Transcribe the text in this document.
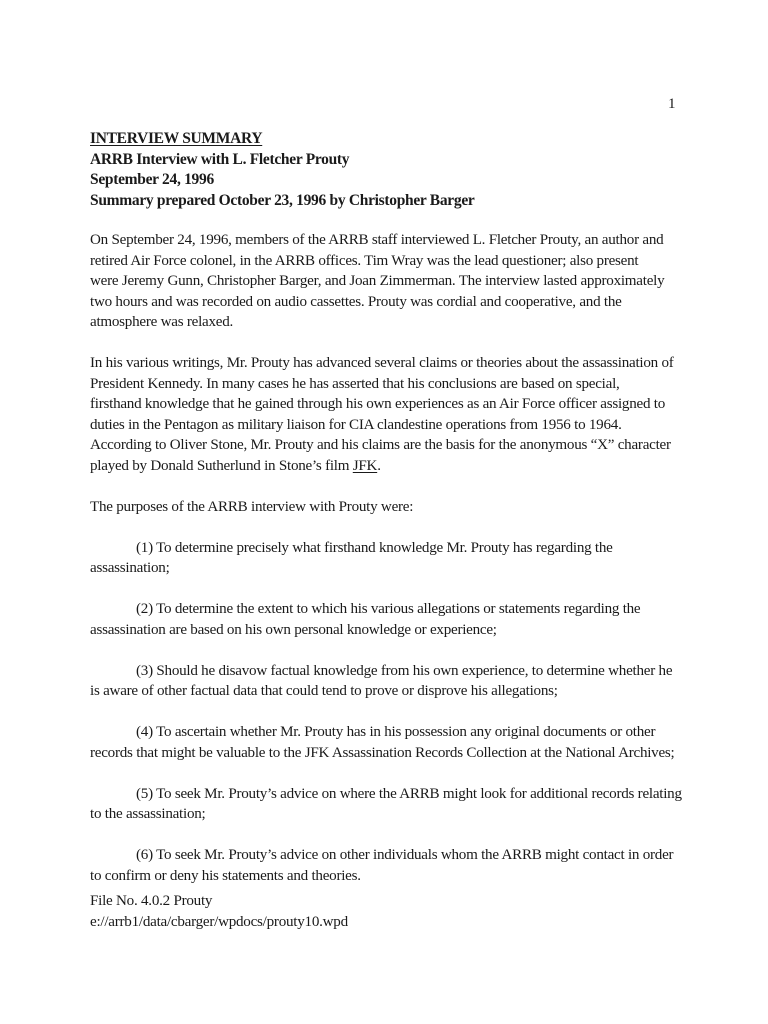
1
INTERVIEW SUMMARY
ARRB Interview with L. Fletcher Prouty
September 24, 1996
Summary prepared October 23, 1996 by Christopher Barger

On September 24, 1996, members of the ARRB staff interviewed L. Fletcher Prouty, an author and
retired Air Force colonel, in the ARRB offices. Tim Wray was the lead questioner; also present
were Jeremy Gunn, Christopher Barger, and Joan Zimmerman. The interview lasted approximately
two hours and was recorded on audio cassettes. Prouty was cordial and cooperative, and the
atmosphere was relaxed.

In his various writings, Mr. Prouty has advanced several claims or theories about the assassination of
President Kennedy. In many cases he has asserted that his conclusions are based on special,
firsthand knowledge that he gained through his own experiences as an Air Force officer assigned to
duties in the Pentagon as military liaison for CIA clandestine operations from 1956 to 1964.
According to Oliver Stone, Mr. Prouty and his claims are the basis for the anonymous “X” character
played by Donald Sutherlund in Stone’s film JFK.

The purposes of the ARRB interview with Prouty were:

(1) To determine precisely what firsthand knowledge Mr. Prouty has regarding the
assassination;

(2) To determine the extent to which his various allegations or statements regarding the
assassination are based on his own personal knowledge or experience;

(3) Should he disavow factual knowledge from his own experience, to determine whether he
is aware of other factual data that could tend to prove or disprove his allegations;

(4) To ascertain whether Mr. Prouty has in his possession any original documents or other
records that might be valuable to the JFK Assassination Records Collection at the National Archives;

(5) To seek Mr. Prouty’s advice on where the ARRB might look for additional records relating
to the assassination;

(6) To seek Mr. Prouty’s advice on other individuals whom the ARRB might contact in order
to confirm or deny his statements and theories.

File No. 4.0.2 Prouty
e://arrb1/data/cbarger/wpdocs/prouty10.wpd
